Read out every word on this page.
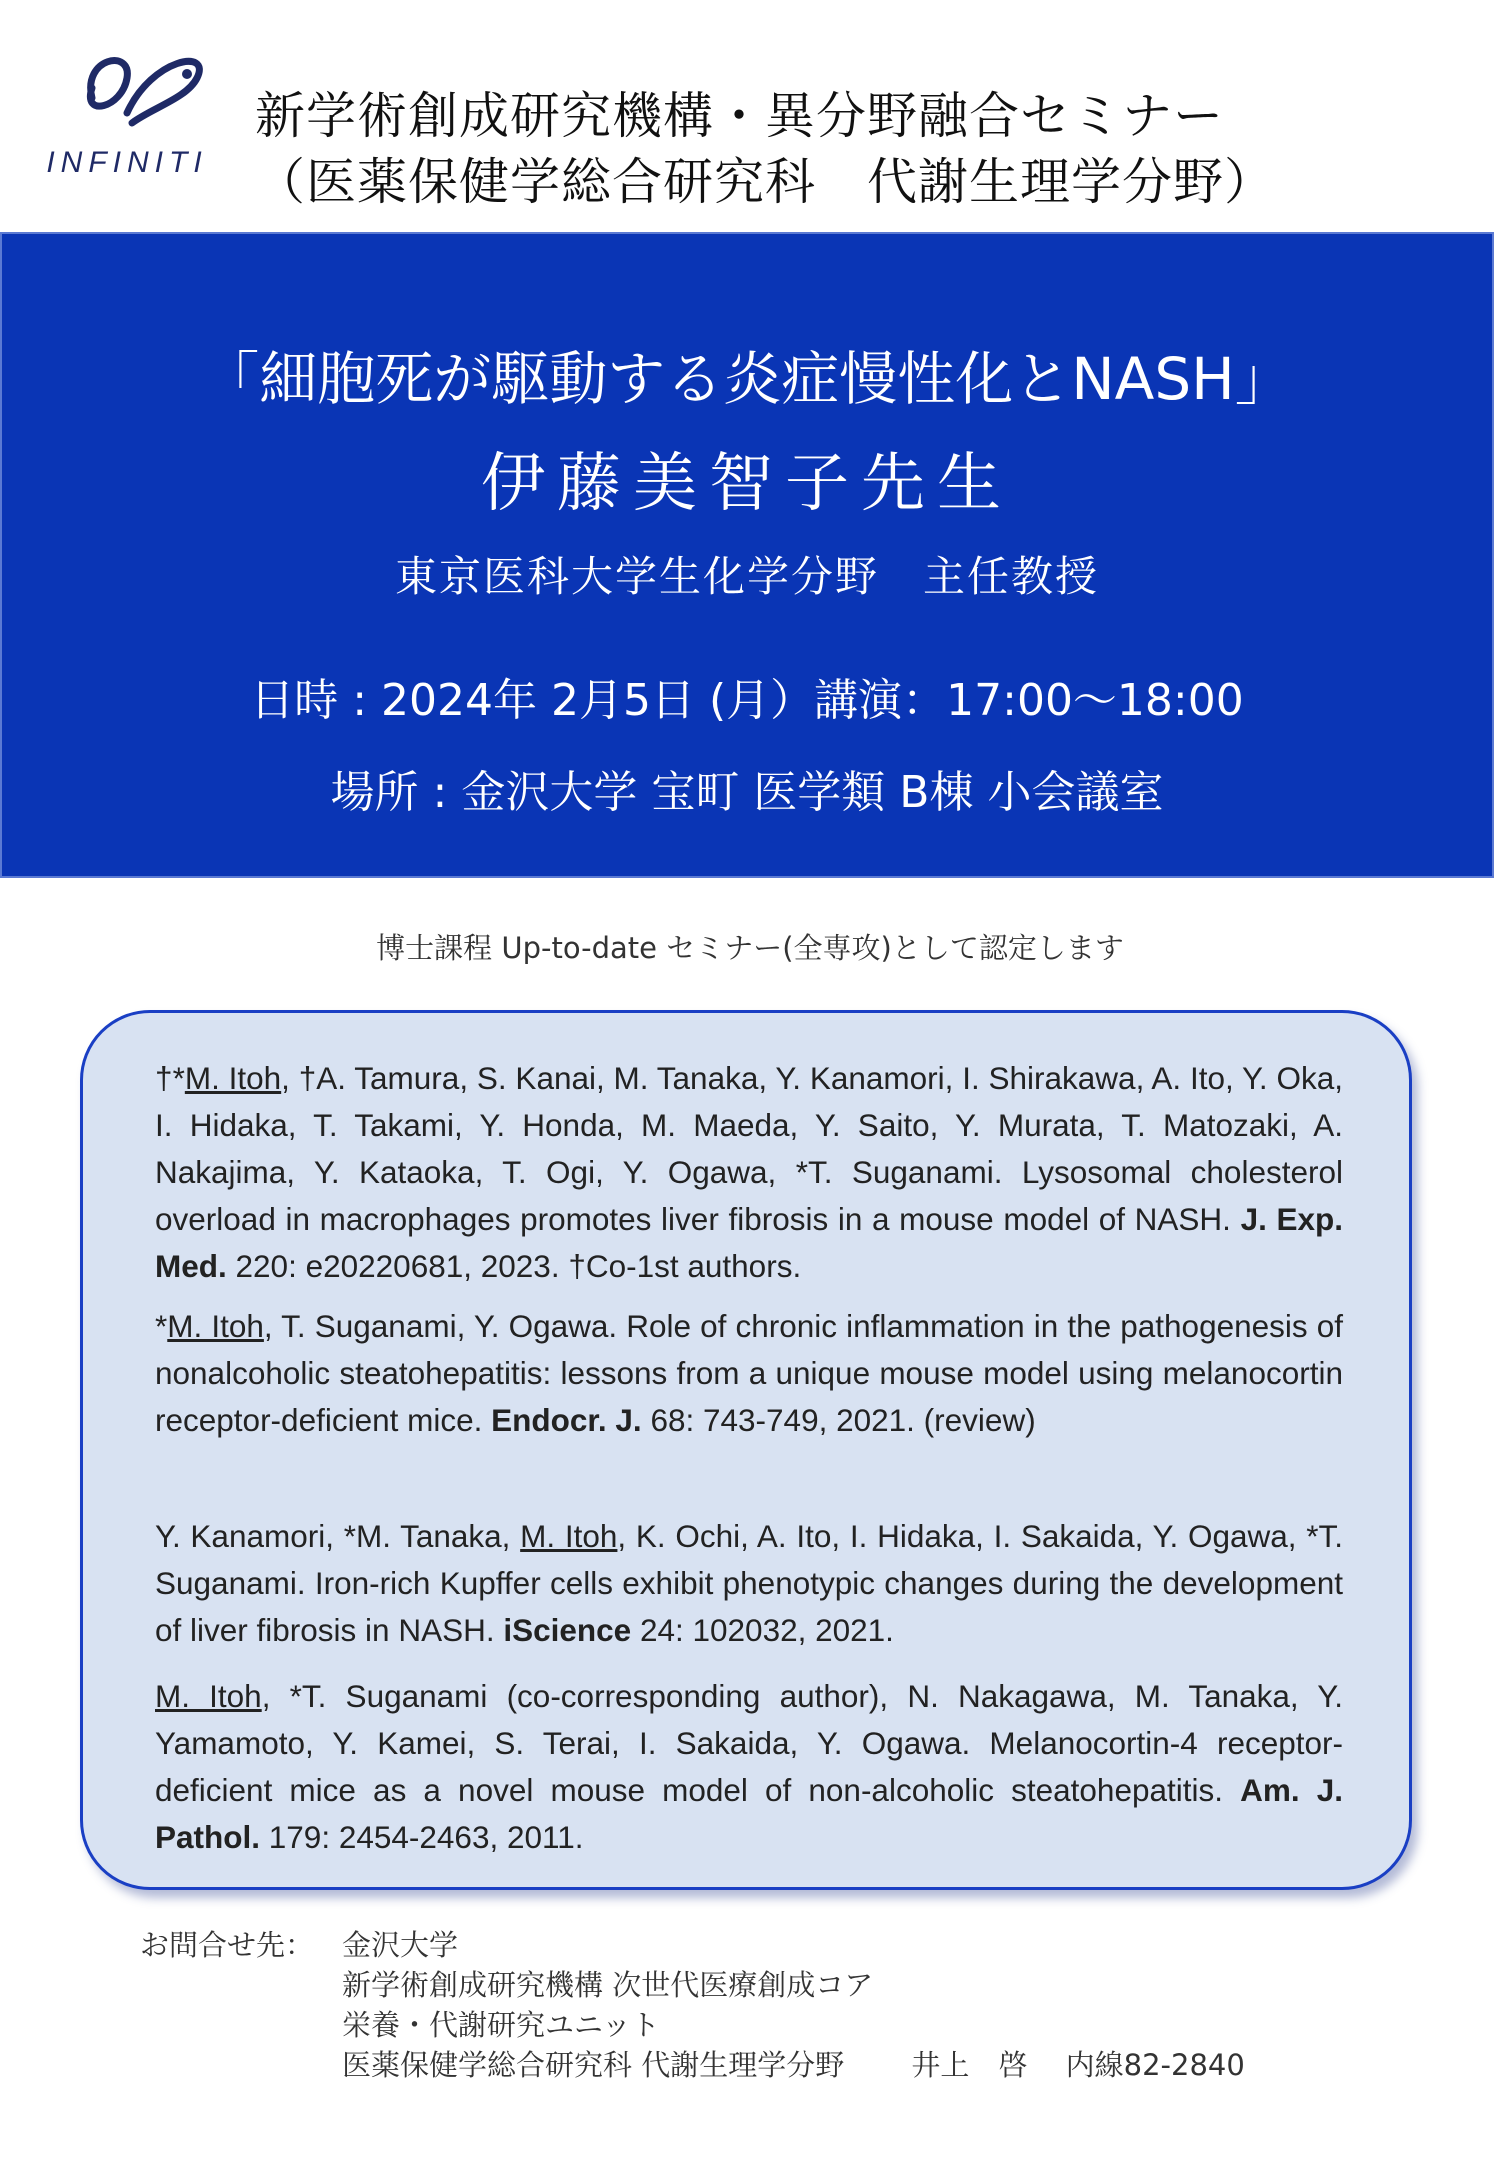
INFINITI
新学術創成研究機構・異分野融合セミナー
（医薬保健学総合研究科　代謝生理学分野）
「細胞死が駆動する炎症慢性化とNASH」
伊藤美智子先生
東京医科大学生化学分野　主任教授
日時 : 2024年 2月5日 (月）講演：17:00～18:00
場所 : 金沢大学 宝町 医学類 B棟 小会議室
博士課程 Up-to-date セミナー(全専攻)として認定します
†*M. Itoh, †A. Tamura, S. Kanai, M. Tanaka, Y. Kanamori, I. Shirakawa, A. Ito, Y. Oka, I. Hidaka, T. Takami, Y. Honda, M. Maeda, Y. Saito, Y. Murata, T. Matozaki, A. Nakajima, Y. Kataoka, T. Ogi, Y. Ogawa, *T. Suganami. Lysosomal cholesterol overload in macrophages promotes liver fibrosis in a mouse model of NASH. J. Exp. Med. 220: e20220681, 2023. †Co-1st authors.
*M. Itoh, T. Suganami, Y. Ogawa. Role of chronic inflammation in the pathogenesis of nonalcoholic steatohepatitis: lessons from a unique mouse model using melanocortin receptor-deficient mice. Endocr. J. 68: 743-749, 2021. (review)
Y. Kanamori, *M. Tanaka, M. Itoh, K. Ochi, A. Ito, I. Hidaka, I. Sakaida, Y. Ogawa, *T. Suganami. Iron-rich Kupffer cells exhibit phenotypic changes during the development of liver fibrosis in NASH. iScience 24: 102032, 2021.
M. Itoh, *T. Suganami (co-corresponding author), N. Nakagawa, M. Tanaka, Y. Yamamoto, Y. Kamei, S. Terai, I. Sakaida, Y. Ogawa. Melanocortin-4 receptor-deficient mice as a novel mouse model of non-alcoholic steatohepatitis. Am. J. Pathol. 179: 2454-2463, 2011.
お問合せ先： 金沢大学
新学術創成研究機構 次世代医療創成コア
栄養・代謝研究ユニット
医薬保健学総合研究科 代謝生理学分野　　 井上　啓　 内線82-2840
